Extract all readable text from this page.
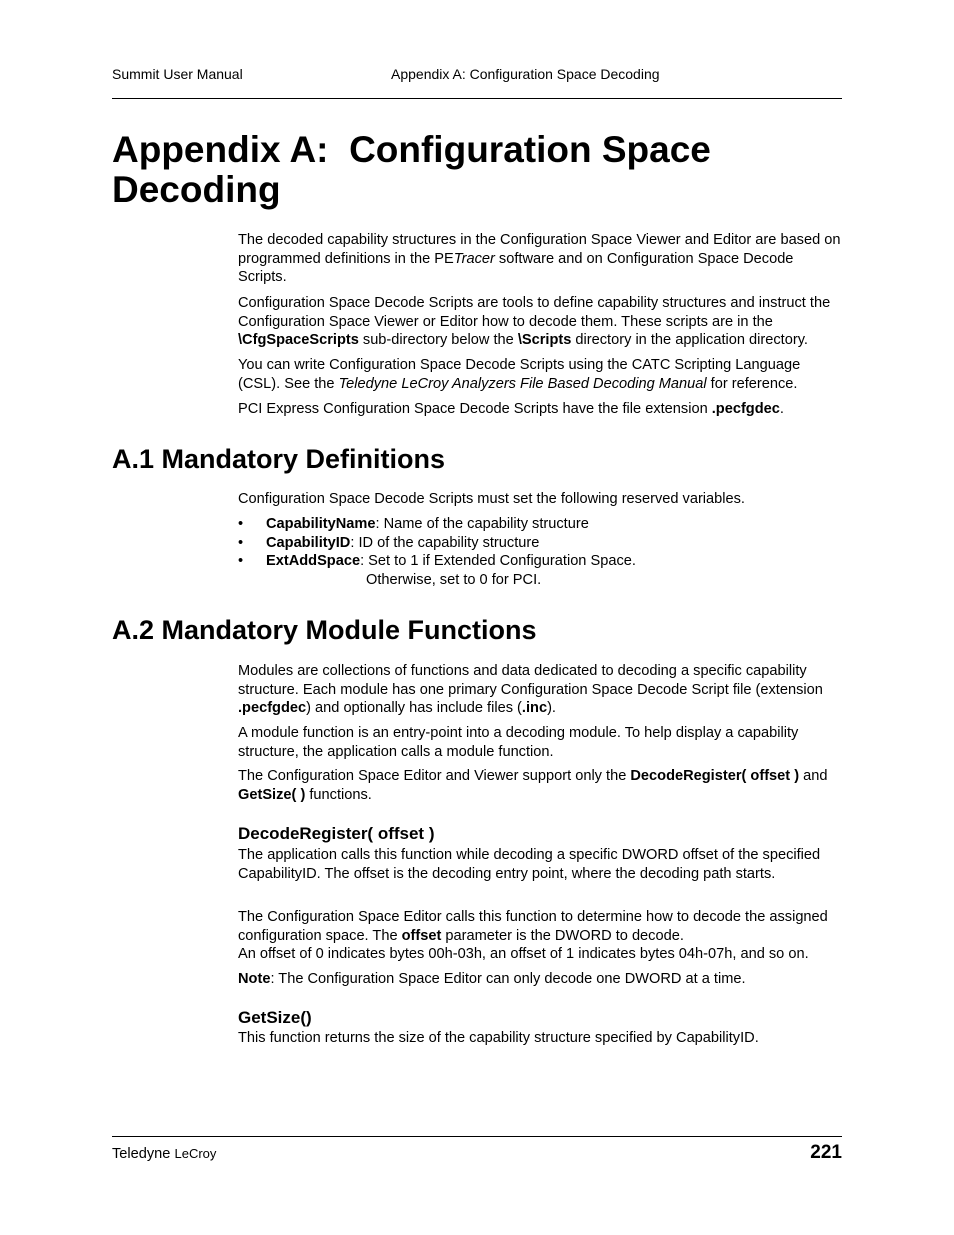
Summit User Manual	Appendix A: Configuration Space Decoding
Appendix A:  Configuration Space
Decoding

The decoded capability structures in the Configuration Space Viewer and Editor are based on programmed definitions in the PETracer software and on Configuration Space Decode Scripts.

Configuration Space Decode Scripts are tools to define capability structures and instruct the Configuration Space Viewer or Editor how to decode them. These scripts are in the \CfgSpaceScripts sub-directory below the \Scripts directory in the application directory.

You can write Configuration Space Decode Scripts using the CATC Scripting Language (CSL). See the Teledyne LeCroy Analyzers File Based Decoding Manual for reference.

PCI Express Configuration Space Decode Scripts have the file extension .pecfgdec.

A.1 Mandatory Definitions

Configuration Space Decode Scripts must set the following reserved variables.

• CapabilityName: Name of the capability structure
• CapabilityID: ID of the capability structure
• ExtAddSpace: Set to 1 if Extended Configuration Space.
Otherwise, set to 0 for PCI.
A.2 Mandatory Module Functions

Modules are collections of functions and data dedicated to decoding a specific capability structure. Each module has one primary Configuration Space Decode Script file (extension .pecfgdec) and optionally has include files (.inc).

A module function is an entry-point into a decoding module. To help display a capability structure, the application calls a module function.

The Configuration Space Editor and Viewer support only the DecodeRegister( offset ) and GetSize( ) functions.

DecodeRegister( offset )

The application calls this function while decoding a specific DWORD offset of the specified CapabilityID. The offset is the decoding entry point, where the decoding path starts.

The Configuration Space Editor calls this function to determine how to decode the assigned configuration space. The offset parameter is the DWORD to decode.
An offset of 0 indicates bytes 00h-03h, an offset of 1 indicates bytes 04h-07h, and so on.

Note: The Configuration Space Editor can only decode one DWORD at a time.

GetSize()

This function returns the size of the capability structure specified by CapabilityID.

Teledyne LeCroy	221
